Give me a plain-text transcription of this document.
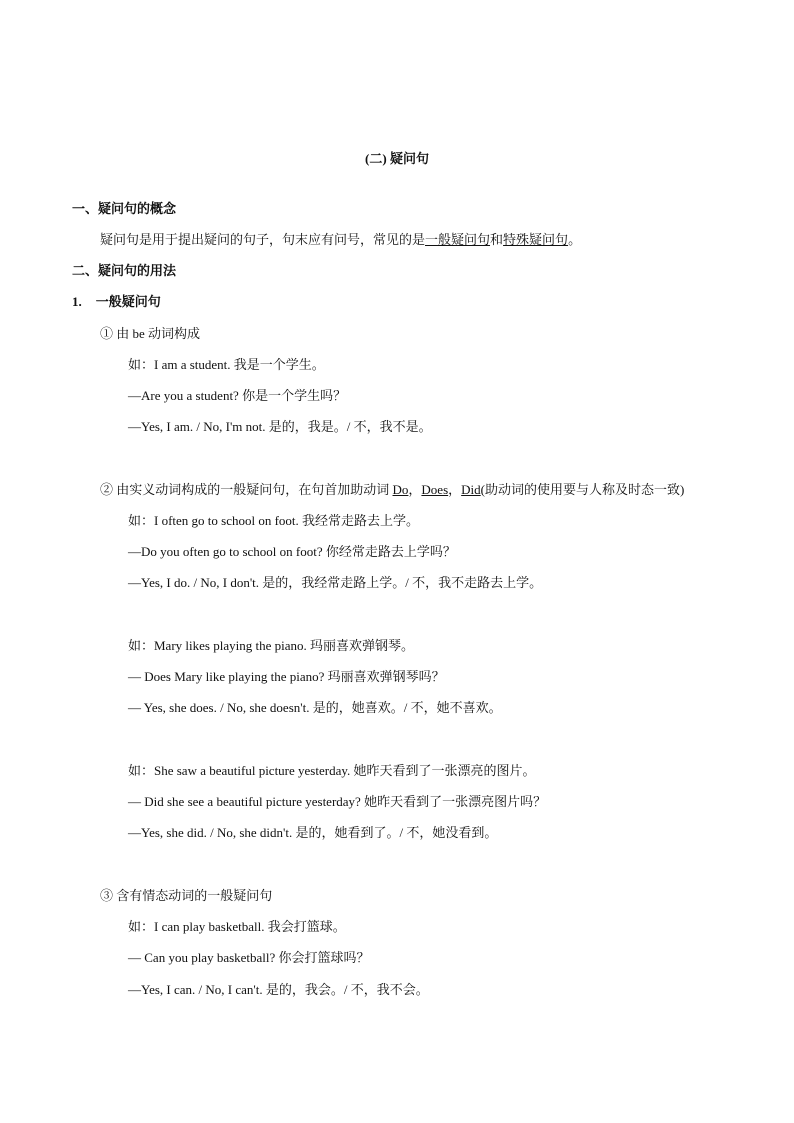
(二) 疑问句
一、疑问句的概念
疑问句是用于提出疑问的句子，句末应有问号，常见的是一般疑问句和特殊疑问句。
二、疑问句的用法
1. 一般疑问句
① 由 be 动词构成
如：I am a student. 我是一个学生。
—Are you a student? 你是一个学生吗？
—Yes, I am. / No, I'm not. 是的，我是。/ 不，我不是。
② 由实义动词构成的一般疑问句，在句首加助动词 Do，Does，Did(助动词的使用要与人称及时态一致)
如：I often go to school on foot. 我经常走路去上学。
—Do you often go to school on foot? 你经常走路去上学吗？
—Yes, I do. / No, I don't. 是的，我经常走路上学。/ 不，我不走路去上学。
如：Mary likes playing the piano. 玛丽喜欢弹钢琴。
— Does Mary like playing the piano? 玛丽喜欢弹钢琴吗？
— Yes, she does. / No, she doesn't. 是的，她喜欢。/ 不，她不喜欢。
如：She saw a beautiful picture yesterday. 她昨天看到了一张漂亮的图片。
— Did she see a beautiful picture yesterday? 她昨天看到了一张漂亮图片吗？
—Yes, she did. / No, she didn't. 是的，她看到了。/ 不，她没看到。
③ 含有情态动词的一般疑问句
如：I can play basketball. 我会打篮球。
— Can you play basketball? 你会打篮球吗？
—Yes, I can. / No, I can't. 是的，我会。/ 不，我不会。
